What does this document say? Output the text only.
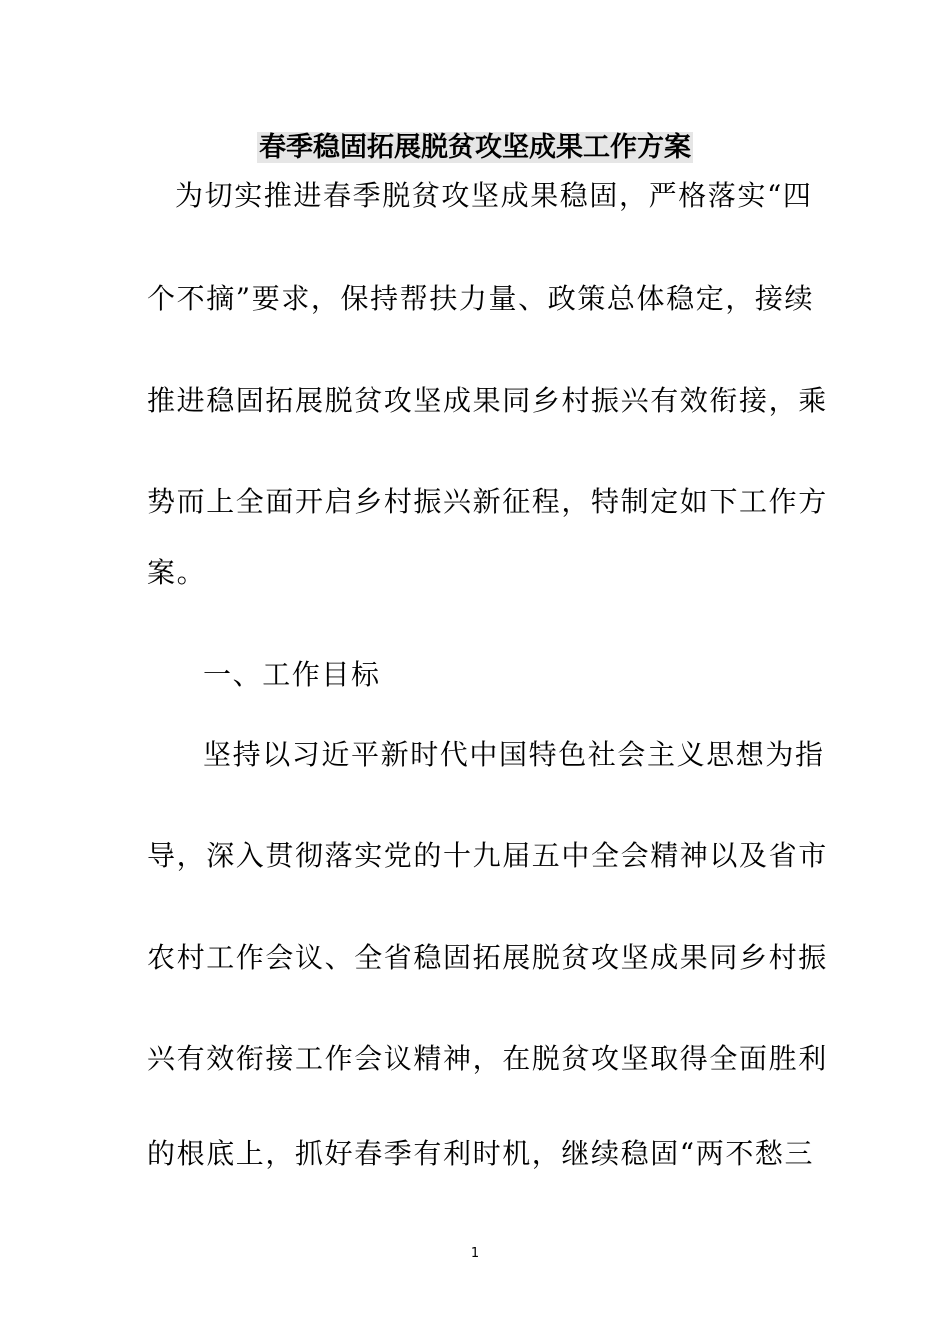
春季稳固拓展脱贫攻坚成果工作方案
为切实推进春季脱贫攻坚成果稳固，严格落实“四
个不摘”要求，保持帮扶力量、政策总体稳定，接续
推进稳固拓展脱贫攻坚成果同乡村振兴有效衔接，乘
势而上全面开启乡村振兴新征程，特制定如下工作方
案。
一、工作目标
坚持以习近平新时代中国特色社会主义思想为指
导，深入贯彻落实党的十九届五中全会精神以及省市
农村工作会议、全省稳固拓展脱贫攻坚成果同乡村振
兴有效衔接工作会议精神，在脱贫攻坚取得全面胜利
的根底上，抓好春季有利时机，继续稳固“两不愁三
1
